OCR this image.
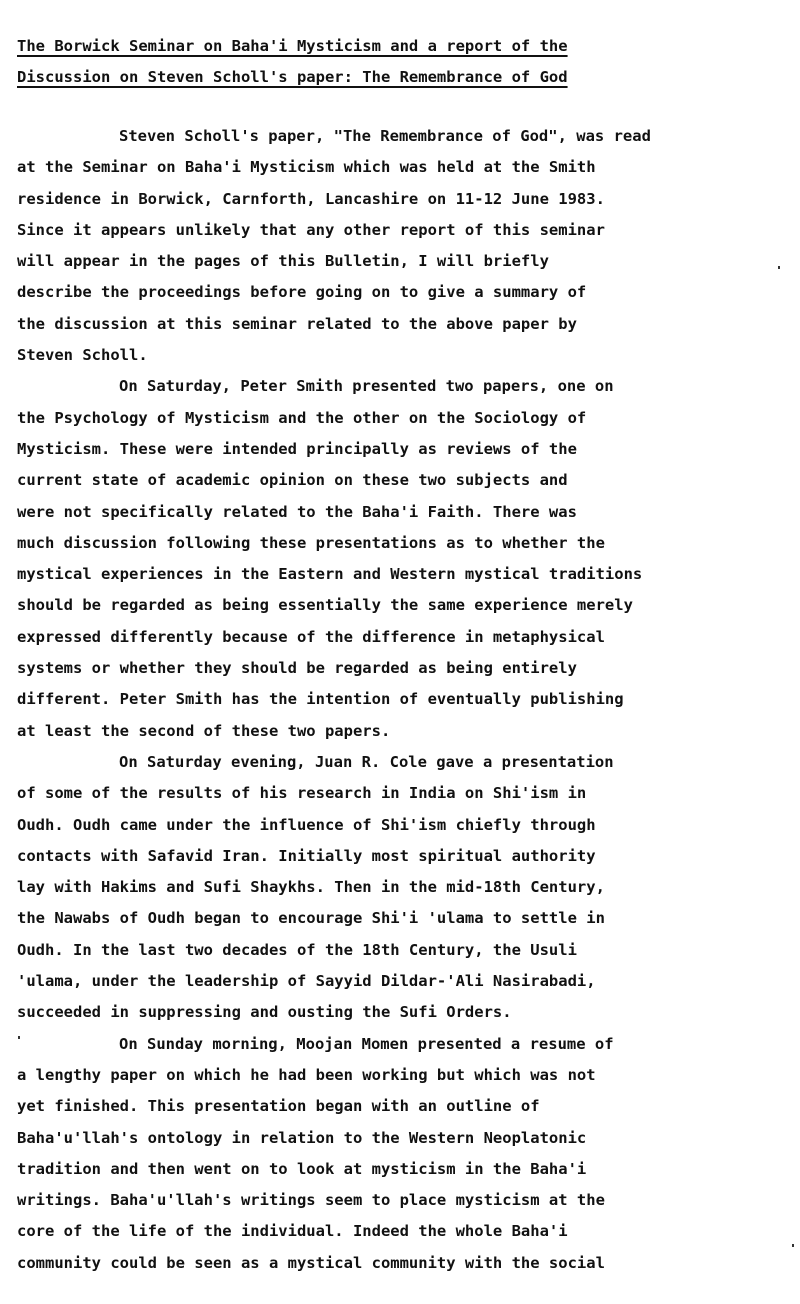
The Borwick Seminar on Baha'i Mysticism and a report of the
Discussion on Steven Scholl's paper: The Remembrance of God
Steven Scholl's paper, "The Remembrance of God", was read
at the Seminar on Baha'i Mysticism which was held at the Smith
residence in Borwick, Carnforth, Lancashire on 11-12 June 1983.
Since it appears unlikely that any other report of this seminar
will appear in the pages of this Bulletin, I will briefly
describe the proceedings before going on to give a summary of
the discussion at this seminar related to the above paper by
Steven Scholl.
On Saturday, Peter Smith presented two papers, one on
the Psychology of Mysticism and the other on the Sociology of
Mysticism. These were intended principally as reviews of the
current state of academic opinion on these two subjects and
were not specifically related to the Baha'i Faith. There was
much discussion following these presentations as to whether the
mystical experiences in the Eastern and Western mystical traditions
should be regarded as being essentially the same experience merely
expressed differently because of the difference in metaphysical
systems or whether they should be regarded as being entirely
different. Peter Smith has the intention of eventually publishing
at least the second of these two papers.
On Saturday evening, Juan R. Cole gave a presentation
of some of the results of his research in India on Shi'ism in
Oudh. Oudh came under the influence of Shi'ism chiefly through
contacts with Safavid Iran. Initially most spiritual authority
lay with Hakims and Sufi Shaykhs. Then in the mid-18th Century,
the Nawabs of Oudh began to encourage Shi'i 'ulama to settle in
Oudh. In the last two decades of the 18th Century, the Usuli
'ulama, under the leadership of Sayyid Dildar-'Ali Nasirabadi,
succeeded in suppressing and ousting the Sufi Orders.
On Sunday morning, Moojan Momen presented a resume of
a lengthy paper on which he had been working but which was not
yet finished. This presentation began with an outline of
Baha'u'llah's ontology in relation to the Western Neoplatonic
tradition and then went on to look at mysticism in the Baha'i
writings. Baha'u'llah's writings seem to place mysticism at the
core of the life of the individual. Indeed the whole Baha'i
community could be seen as a mystical community with the social
